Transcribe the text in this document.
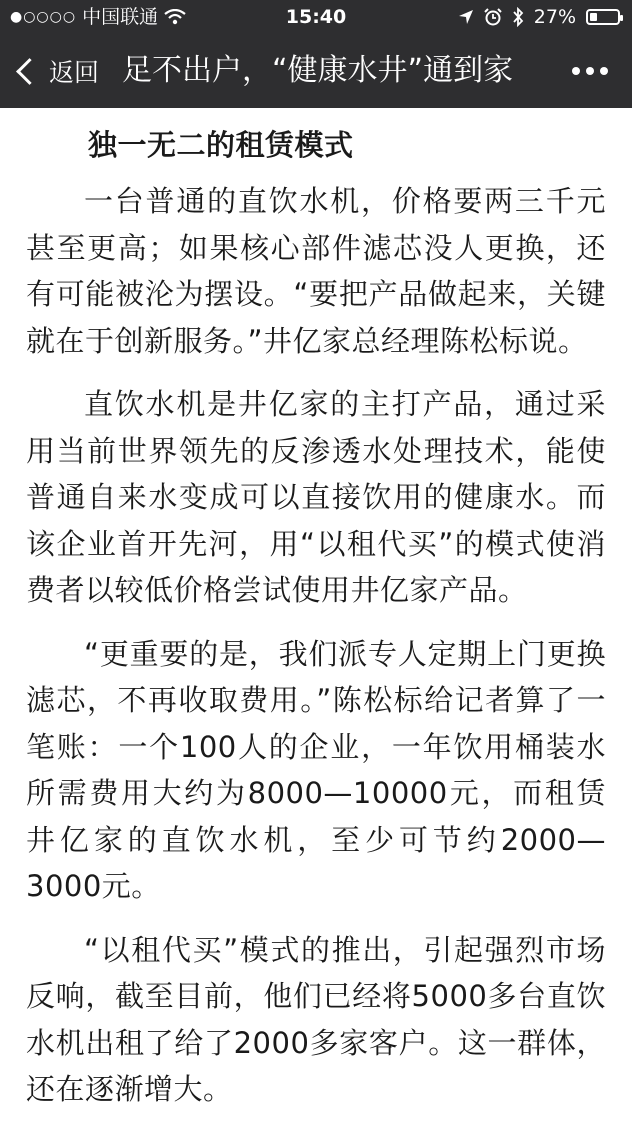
●○○○○ 中国联通	15:40	27%
返回 足不出户，“健康水井”通到家
独一无二的租赁模式

一台普通的直饮水机，价格要两三千元甚至更高；如果核心部件滤芯没人更换，还有可能被沦为摆设。“要把产品做起来，关键就在于创新服务。”井亿家总经理陈松标说。

直饮水机是井亿家的主打产品，通过采用当前世界领先的反渗透水处理技术，能使普通自来水变成可以直接饮用的健康水。而该企业首开先河，用“以租代买”的模式使消费者以较低价格尝试使用井亿家产品。

“更重要的是，我们派专人定期上门更换滤芯，不再收取费用。”陈松标给记者算了一笔账：一个100人的企业，一年饮用桶装水所需费用大约为8000—10000元，而租赁井亿家的直饮水机，至少可节约2000—3000元。

“以租代买”模式的推出，引起强烈市场反响，截至目前，他们已经将5000多台直饮水机出租了给了2000多家客户。这一群体，还在逐渐增大。
